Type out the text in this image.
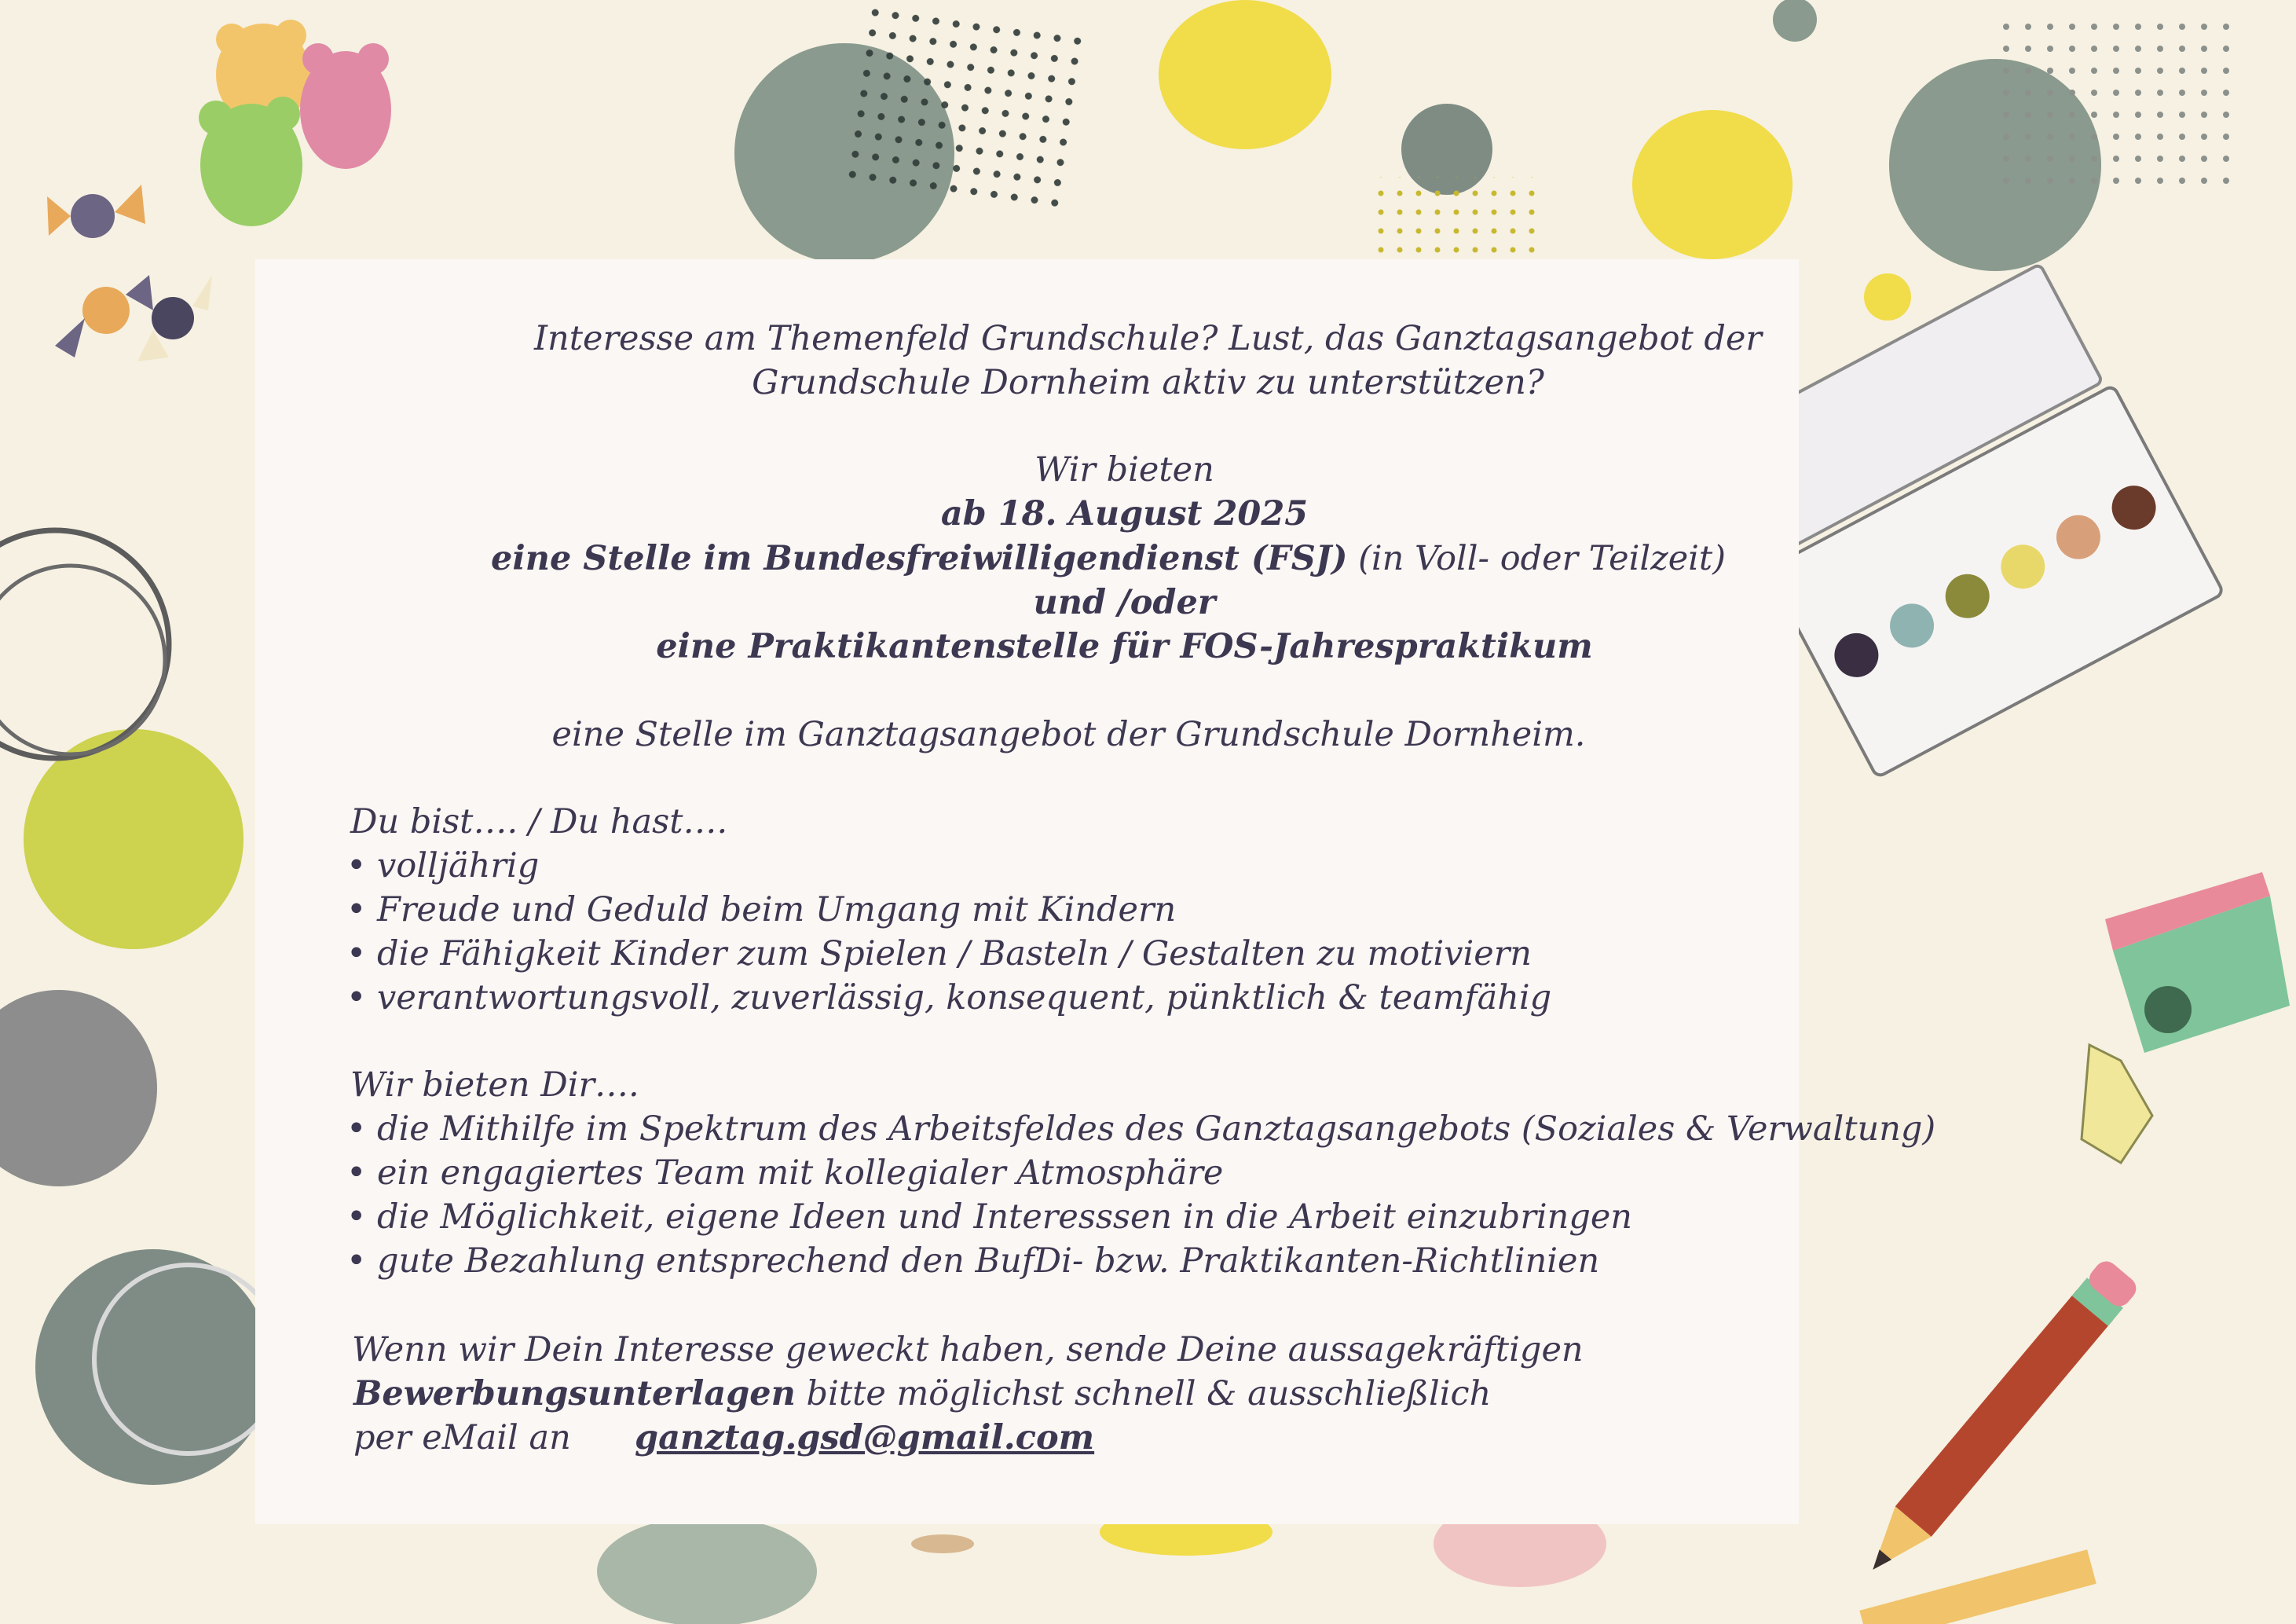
Interesse am Themenfeld Grundschule? Lust, das Ganztagsangebot der
Grundschule Dornheim aktiv zu unterstützen?
Wir bieten
ab 18. August 2025
eine Stelle im Bundesfreiwilligendienst (FSJ) (in Voll- oder Teilzeit)
und /oder
eine Praktikantenstelle für FOS-Jahrespraktikum
eine Stelle im Ganztagsangebot der Grundschule Dornheim.
Du bist…. / Du hast….
• volljährig
• Freude und Geduld beim Umgang mit Kindern
• die Fähigkeit Kinder zum Spielen / Basteln / Gestalten zu motiviern
• verantwortungsvoll, zuverlässig, konsequent, pünktlich & teamfähig
Wir bieten Dir….
• die Mithilfe im Spektrum des Arbeitsfeldes des Ganztagsangebots (Soziales & Verwaltung)
• ein engagiertes Team mit kollegialer Atmosphäre
• die Möglichkeit, eigene Ideen und Interesssen in die Arbeit einzubringen
• gute Bezahlung entsprechend den BufDi- bzw. Praktikanten-Richtlinien
Wenn wir Dein Interesse geweckt haben, sende Deine aussagekräftigen
Bewerbungsunterlagen bitte möglichst schnell & ausschließlich
per eMail an ganztag.gsd@gmail.com
